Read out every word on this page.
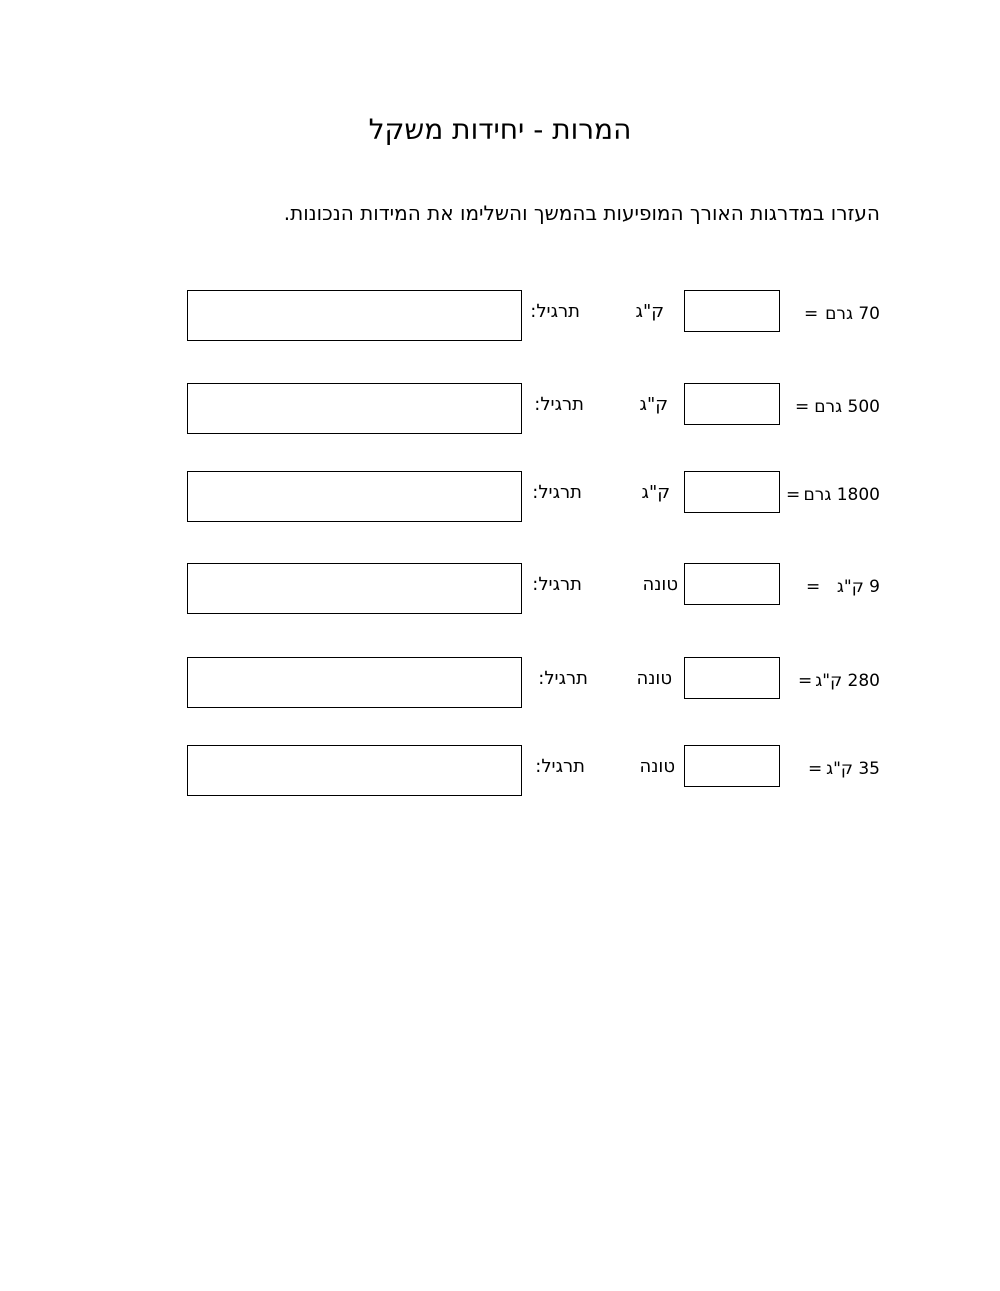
המרות - יחידות משקל
העזרו במדרגות האורך המופיעות בהמשך והשלימו את המידות הנכונות.
70 גרם
=
ק"ג
תרגיל:
500 גרם
=
ק"ג
תרגיל:
1800 גרם
=
ק"ג
תרגיל:
9 ק"ג
=
טונה
תרגיל:
280 ק"ג
=
טונה
תרגיל:
35 ק"ג
=
טונה
תרגיל:
